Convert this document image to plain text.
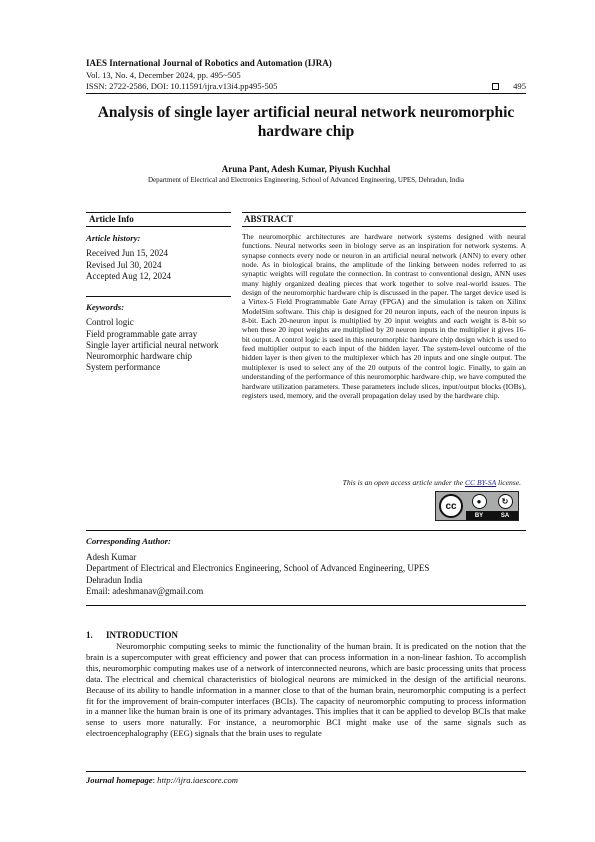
IAES International Journal of Robotics and Automation (IJRA)
Vol. 13, No. 4, December 2024, pp. 495~505
ISSN: 2722-2586, DOI: 10.11591/ijra.v13i4.pp495-505	495
Analysis of single layer artificial neural network neuromorphic hardware chip
Aruna Pant, Adesh Kumar, Piyush Kuchhal
Department of Electrical and Electronics Engineering, School of Advanced Engineering, UPES, Dehradun, India
Article Info	ABSTRACT
Article history:
Received Jun 15, 2024
Revised Jul 30, 2024
Accepted Aug 12, 2024
Keywords:
Control logic
Field programmable gate array
Single layer artificial neural network
Neuromorphic hardware chip
System performance
The neuromorphic architectures are hardware network systems designed with neural functions. Neural networks seen in biology serve as an inspiration for network systems. A synapse connects every node or neuron in an artificial neural network (ANN) to every other node. As in biological brains, the amplitude of the linking between nodes referred to as synaptic weights will regulate the connection. In contrast to conventional design, ANN uses many highly organized dealing pieces that work together to solve real-world issues. The design of the neuromorphic hardware chip is discussed in the paper. The target device used is a Virtex-5 Field Programmable Gate Array (FPGA) and the simulation is taken on Xilinx ModelSim software. This chip is designed for 20 neuron inputs, each of the neuron inputs is 8-bit. Each 20-neuron input is multiplied by 20 input weights and each weight is 8-bit so when these 20 input weights are multiplied by 20 neuron inputs in the multiplier it gives 16-bit output. A control logic is used in this neuromorphic hardware chip design which is used to feed multiplier output to each input of the hidden layer. The system-level outcome of the hidden layer is then given to the multiplexer which has 20 inputs and one single output. The multiplexer is used to select any of the 20 outputs of the control logic. Finally, to gain an understanding of the performance of this neuromorphic hardware chip, we have computed the hardware utilization parameters. These parameters include slices, input/output blocks (IOBs), registers used, memory, and the overall propagation delay used by the hardware chip.
This is an open access article under the CC BY-SA license.
cc	●	↻
BY	SA
Corresponding Author:
Adesh Kumar
Department of Electrical and Electronics Engineering, School of Advanced Engineering, UPES
Dehradun India
Email: adeshmanav@gmail.com
1. INTRODUCTION
Neuromorphic computing seeks to mimic the functionality of the human brain. It is predicated on the notion that the brain is a supercomputer with great efficiency and power that can process information in a non-linear fashion. To accomplish this, neuromorphic computing makes use of a network of interconnected neurons, which are basic processing units that process data. The electrical and chemical characteristics of biological neurons are mimicked in the design of the artificial neurons. Because of its ability to handle information in a manner close to that of the human brain, neuromorphic computing is a perfect fit for the improvement of brain-computer interfaces (BCIs). The capacity of neuromorphic computing to process information in a manner like the human brain is one of its primary advantages. This implies that it can be applied to develop BCIs that make sense to users more naturally. For instance, a neuromorphic BCI might make use of the same signals such as electroencephalography (EEG) signals that the brain uses to regulate
Journal homepage: http://ijra.iaescore.com
